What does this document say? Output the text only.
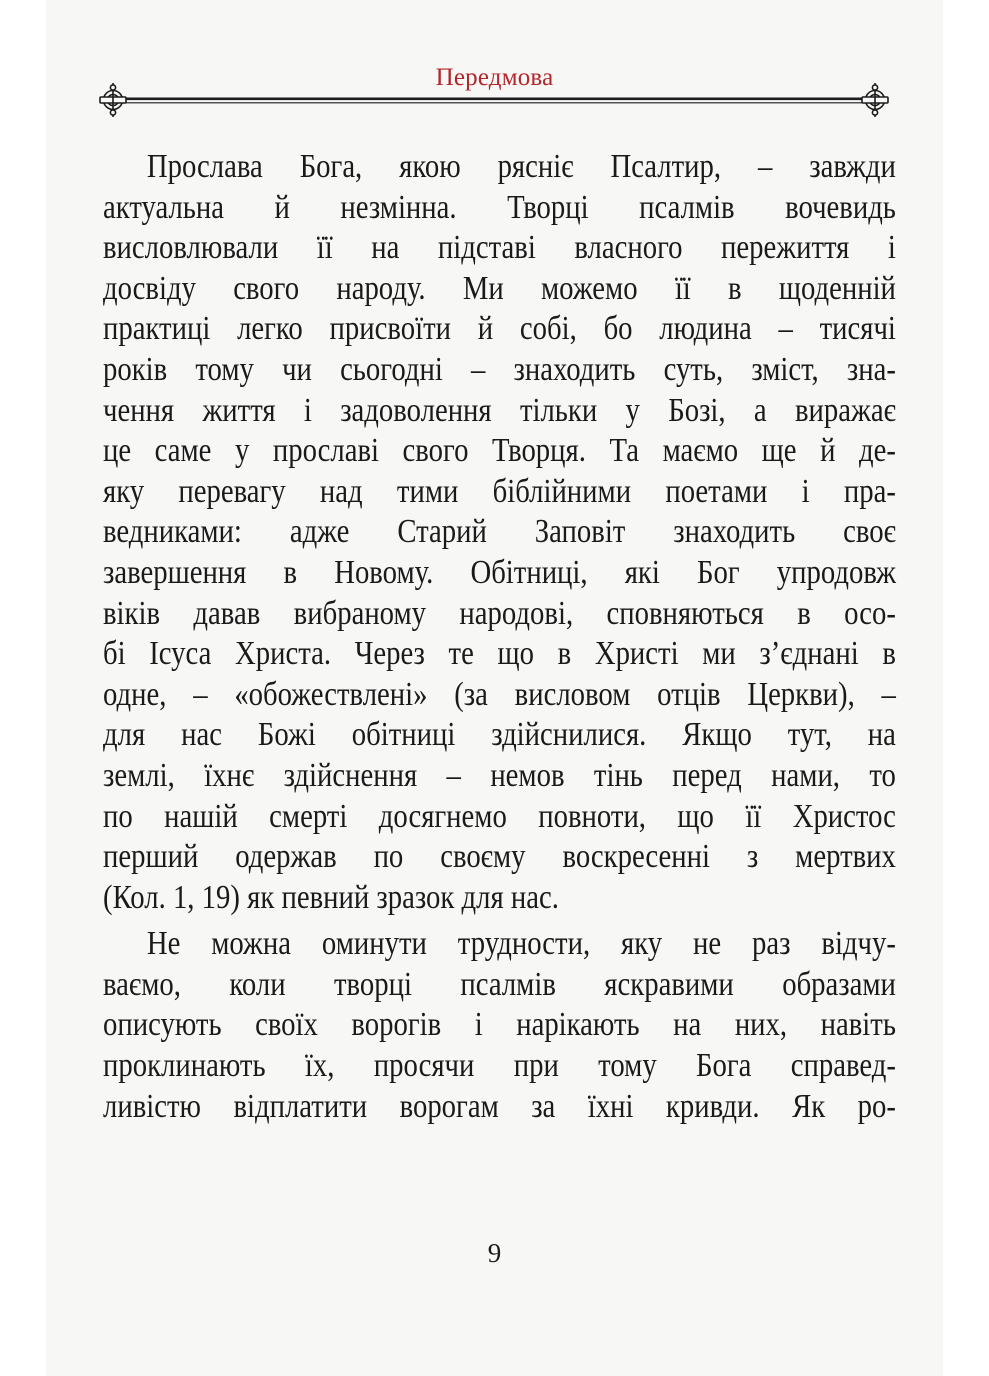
Передмова
Прослава Бога, якою рясніє Псалтир, – завжди
актуальна й незмінна. Творці псалмів вочевидь
висловлювали її на підставі власного пережиття і
досвіду свого народу. Ми можемо її в щоденній
практиці легко присвоїти й собі, бо людина – тисячі
років тому чи сьогодні – знаходить суть, зміст, зна-
чення життя і задоволення тільки у Бозі, а виражає
це саме у прославі свого Творця. Та маємо ще й де-
яку перевагу над тими біблійними поетами і пра-
ведниками: адже Старий Заповіт знаходить своє
завершення в Новому. Обітниці, які Бог упродовж
віків давав вибраному народові, сповняються в осо-
бі Ісуса Христа. Через те що в Христі ми з’єднані в
одне, – «обожествлені» (за висловом отців Церкви), –
для нас Божі обітниці здійснилися. Якщо тут, на
землі, їхнє здійснення – немов тінь перед нами, то
по нашій смерті досягнемо повноти, що її Христос
перший одержав по своєму воскресенні з мертвих
(Кол. 1, 19) як певний зразок для нас.
Не можна оминути трудности, яку не раз відчу-
ваємо, коли творці псалмів яскравими образами
описують своїх ворогів і нарікають на них, навіть
проклинають їх, просячи при тому Бога справед-
ливістю відплатити ворогам за їхні кривди. Як ро-
9
